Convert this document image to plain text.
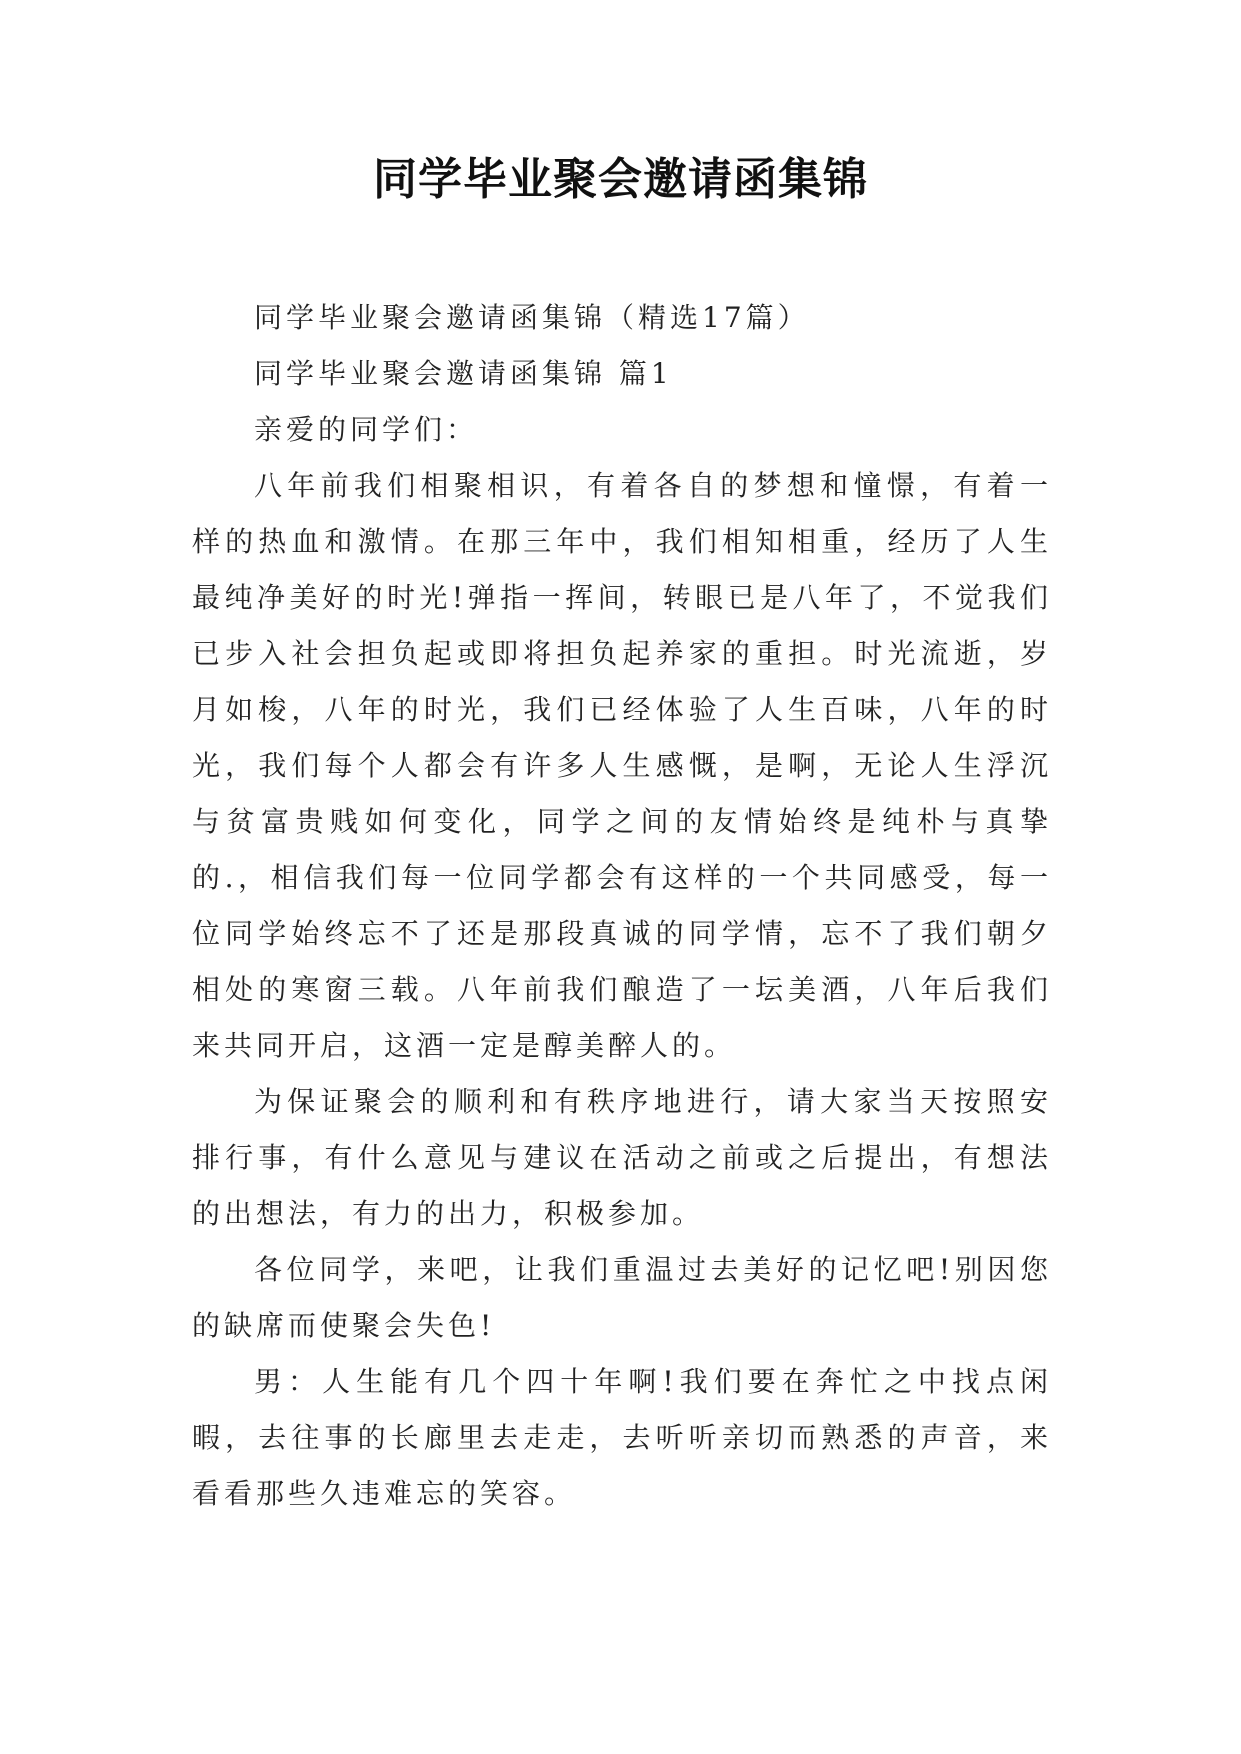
同学毕业聚会邀请函集锦

同学毕业聚会邀请函集锦（精选17篇）

同学毕业聚会邀请函集锦 篇1

亲爱的同学们：

八年前我们相聚相识，有着各自的梦想和憧憬，有着一样的热血和激情。在那三年中，我们相知相重，经历了人生最纯净美好的时光!弹指一挥间，转眼已是八年了，不觉我们已步入社会担负起或即将担负起养家的重担。时光流逝，岁月如梭，八年的时光，我们已经体验了人生百味，八年的时光，我们每个人都会有许多人生感慨，是啊，无论人生浮沉与贫富贵贱如何变化，同学之间的友情始终是纯朴与真挚的.，相信我们每一位同学都会有这样的一个共同感受，每一位同学始终忘不了还是那段真诚的同学情，忘不了我们朝夕相处的寒窗三载。八年前我们酿造了一坛美酒，八年后我们来共同开启，这酒一定是醇美醉人的。

为保证聚会的顺利和有秩序地进行，请大家当天按照安排行事，有什么意见与建议在活动之前或之后提出，有想法的出想法，有力的出力，积极参加。

各位同学，来吧，让我们重温过去美好的记忆吧!别因您的缺席而使聚会失色!

男：人生能有几个四十年啊!我们要在奔忙之中找点闲暇，去往事的长廊里去走走，去听听亲切而熟悉的声音，来看看那些久违难忘的笑容。
